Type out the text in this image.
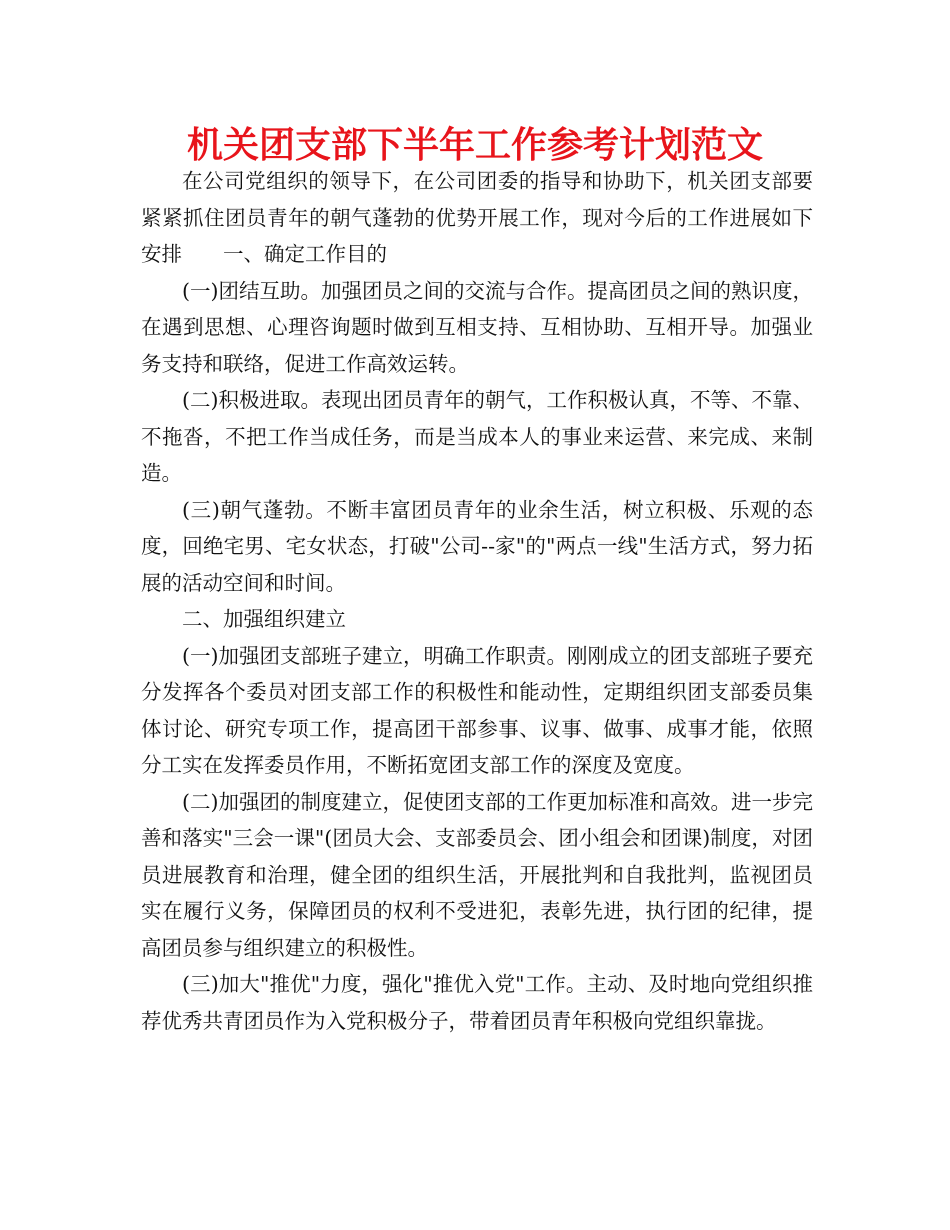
机关团支部下半年工作参考计划范文

在公司党组织的领导下，在公司团委的指导和协助下，机关团支部要紧紧抓住团员青年的朝气蓬勃的优势开展工作，现对今后的工作进展如下安排　　一、确定工作目的

(一)团结互助。加强团员之间的交流与合作。提高团员之间的熟识度，在遇到思想、心理咨询题时做到互相支持、互相协助、互相开导。加强业务支持和联络，促进工作高效运转。

(二)积极进取。表现出团员青年的朝气，工作积极认真，不等、不靠、不拖沓，不把工作当成任务，而是当成本人的事业来运营、来完成、来制造。

(三)朝气蓬勃。不断丰富团员青年的业余生活，树立积极、乐观的态度，回绝宅男、宅女状态，打破"公司--家"的"两点一线"生活方式，努力拓展的活动空间和时间。

二、加强组织建立

(一)加强团支部班子建立，明确工作职责。刚刚成立的团支部班子要充分发挥各个委员对团支部工作的积极性和能动性，定期组织团支部委员集体讨论、研究专项工作，提高团干部参事、议事、做事、成事才能，依照分工实在发挥委员作用，不断拓宽团支部工作的深度及宽度。

(二)加强团的制度建立，促使团支部的工作更加标准和高效。进一步完善和落实"三会一课"(团员大会、支部委员会、团小组会和团课)制度，对团员进展教育和治理，健全团的组织生活，开展批判和自我批判，监视团员实在履行义务，保障团员的权利不受进犯，表彰先进，执行团的纪律，提高团员参与组织建立的积极性。

(三)加大"推优"力度，强化"推优入党"工作。主动、及时地向党组织推荐优秀共青团员作为入党积极分子，带着团员青年积极向党组织靠拢。
